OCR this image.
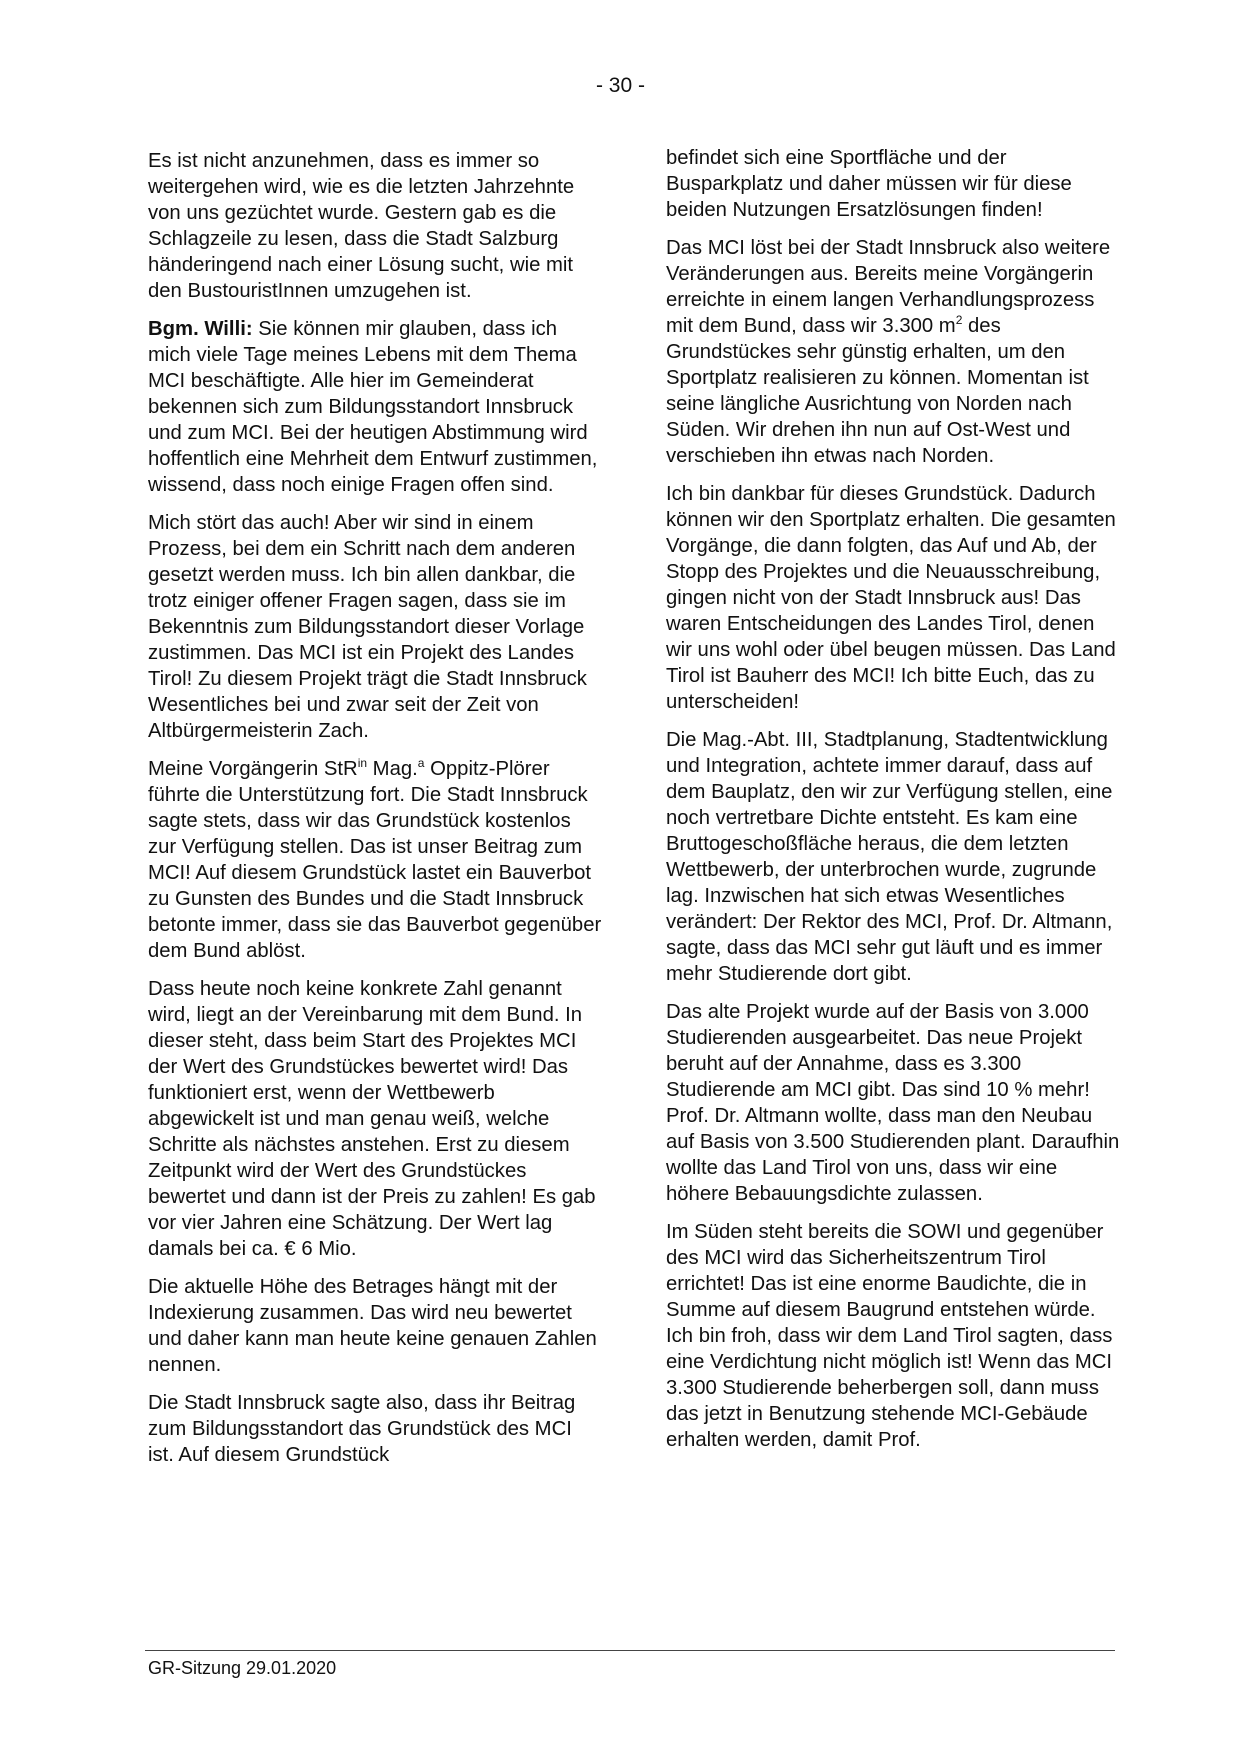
- 30 -

Es ist nicht anzunehmen, dass es immer so weitergehen wird, wie es die letzten Jahrzehnte von uns gezüchtet wurde. Gestern gab es die Schlagzeile zu lesen, dass die Stadt Salzburg händeringend nach einer Lösung sucht, wie mit den BustouristInnen umzugehen ist.

Bgm. Willi: Sie können mir glauben, dass ich mich viele Tage meines Lebens mit dem Thema MCI beschäftigte. Alle hier im Gemeinderat bekennen sich zum Bildungsstandort Innsbruck und zum MCI. Bei der heutigen Abstimmung wird hoffentlich eine Mehrheit dem Entwurf zustimmen, wissend, dass noch einige Fragen offen sind.

Mich stört das auch! Aber wir sind in einem Prozess, bei dem ein Schritt nach dem anderen gesetzt werden muss. Ich bin allen dankbar, die trotz einiger offener Fragen sagen, dass sie im Bekenntnis zum Bildungsstandort dieser Vorlage zustimmen. Das MCI ist ein Projekt des Landes Tirol! Zu diesem Projekt trägt die Stadt Innsbruck Wesentliches bei und zwar seit der Zeit von Altbürgermeisterin Zach.

Meine Vorgängerin StR$^{in}$ Mag.$^a$ Oppitz-Plörer führte die Unterstützung fort. Die Stadt Innsbruck sagte stets, dass wir das Grundstück kostenlos zur Verfügung stellen. Das ist unser Beitrag zum MCI! Auf diesem Grundstück lastet ein Bauverbot zu Gunsten des Bundes und die Stadt Innsbruck betonte immer, dass sie das Bauverbot gegenüber dem Bund ablöst.

Dass heute noch keine konkrete Zahl genannt wird, liegt an der Vereinbarung mit dem Bund. In dieser steht, dass beim Start des Projektes MCI der Wert des Grundstückes bewertet wird! Das funktioniert erst, wenn der Wettbewerb abgewickelt ist und man genau weiß, welche Schritte als nächstes anstehen. Erst zu diesem Zeitpunkt wird der Wert des Grundstückes bewertet und dann ist der Preis zu zahlen! Es gab vor vier Jahren eine Schätzung. Der Wert lag damals bei ca. € 6 Mio.

Die aktuelle Höhe des Betrages hängt mit der Indexierung zusammen. Das wird neu bewertet und daher kann man heute keine genauen Zahlen nennen.

Die Stadt Innsbruck sagte also, dass ihr Beitrag zum Bildungsstandort das Grundstück des MCI ist. Auf diesem Grundstück

befindet sich eine Sportfläche und der Busparkplatz und daher müssen wir für diese beiden Nutzungen Ersatzlösungen finden!

Das MCI löst bei der Stadt Innsbruck also weitere Veränderungen aus. Bereits meine Vorgängerin erreichte in einem langen Verhandlungsprozess mit dem Bund, dass wir 3.300 $m^2$ des Grundstückes sehr günstig erhalten, um den Sportplatz realisieren zu können. Momentan ist seine längliche Ausrichtung von Norden nach Süden. Wir drehen ihn nun auf Ost-West und verschieben ihn etwas nach Norden.

Ich bin dankbar für dieses Grundstück. Dadurch können wir den Sportplatz erhalten. Die gesamten Vorgänge, die dann folgten, das Auf und Ab, der Stopp des Projektes und die Neuausschreibung, gingen nicht von der Stadt Innsbruck aus! Das waren Entscheidungen des Landes Tirol, denen wir uns wohl oder übel beugen müssen. Das Land Tirol ist Bauherr des MCI! Ich bitte Euch, das zu unterscheiden!

Die Mag.-Abt. III, Stadtplanung, Stadtentwicklung und Integration, achtete immer darauf, dass auf dem Bauplatz, den wir zur Verfügung stellen, eine noch vertretbare Dichte entsteht. Es kam eine Bruttogeschoßfläche heraus, die dem letzten Wettbewerb, der unterbrochen wurde, zugrunde lag. Inzwischen hat sich etwas Wesentliches verändert: Der Rektor des MCI, Prof. Dr. Altmann, sagte, dass das MCI sehr gut läuft und es immer mehr Studierende dort gibt.

Das alte Projekt wurde auf der Basis von 3.000 Studierenden ausgearbeitet. Das neue Projekt beruht auf der Annahme, dass es 3.300 Studierende am MCI gibt. Das sind 10 % mehr! Prof. Dr. Altmann wollte, dass man den Neubau auf Basis von 3.500 Studierenden plant. Daraufhin wollte das Land Tirol von uns, dass wir eine höhere Bebauungsdichte zulassen.

Im Süden steht bereits die SOWI und gegenüber des MCI wird das Sicherheitszentrum Tirol errichtet! Das ist eine enorme Baudichte, die in Summe auf diesem Baugrund entstehen würde. Ich bin froh, dass wir dem Land Tirol sagten, dass eine Verdichtung nicht möglich ist! Wenn das MCI 3.300 Studierende beherbergen soll, dann muss das jetzt in Benutzung stehende MCI-Gebäude erhalten werden, damit Prof.

GR-Sitzung 29.01.2020
